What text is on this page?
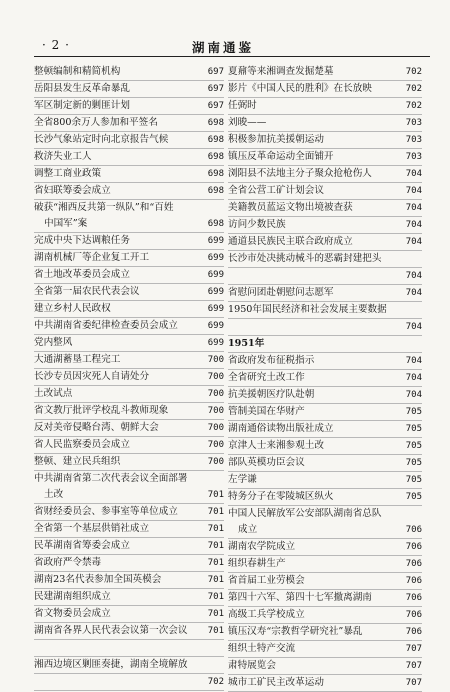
· 2 ·	湖南通鉴
整顿编制和精简机构	697
岳阳县发生反革命暴乱	697
军区制定新的剿匪计划	697
全省800余万人参加和平签名	698
长沙气象站定时向北京报告气候	698
救济失业工人	698
调整工商业政策	698
省妇联筹委会成立	698
破获“湘西反共第一纵队”和“百姓
中国军”案	698
完成中央下达调粮任务	699
湖南机械厂等企业复工开工	699
省土地改革委员会成立	699
全省第一届农民代表会议	699
建立乡村人民政权	699
中共湖南省委纪律检查委员会成立	699
党内整风	699
大通湖蓄垦工程完工	700
长沙专员因灾死人自请处分	700
土改试点	700
省文教厅批评学校乱斗教师现象	700
反对美帝侵略台湾、朝鲜大会	700
省人民监察委员会成立	700
整顿、建立民兵组织	700
中共湖南省第二次代表会议全面部署
土改	701
省财经委员会、参事室等单位成立	701
全省第一个基层供销社成立	701
民革湖南省筹委会成立	701
省政府严令禁毒	701
湖南23名代表参加全国英模会	701
民建湖南组织成立	701
省文物委员会成立	701
湖南省各界人民代表会议第一次会议	701
湘西边境区剿匪奏捷，湖南全境解放
702
夏鼐等来湘调查发掘楚墓	702
影片《中国人民的胜利》在长放映	702
任弼时	702
刘晙——	703
积极参加抗美援朝运动	703
镇压反革命运动全面铺开	703
浏阳县不法地主分子聚众抢枪伤人	704
全省公营工矿计划会议	704
美籍教员蓝运文物出境被查获	704
访问少数民族	704
通道县民族民主联合政府成立	704
长沙市处决挑动械斗的恶霸封建把头
704
省慰问团赴朝慰问志愿军	704
1950年国民经济和社会发展主要数据
704
1951年
省政府发布征税指示	704
全省研究土改工作	704
抗美援朝医疗队赴朝	704
管制美国在华财产	705
湖南通俗读物出版社成立	705
京津人士来湘参观土改	705
部队英模功臣会议	705
左学谦	705
特务分子在零陵城区纵火	705
中国人民解放军公安部队湖南省总队
成立	706
湖南农学院成立	706
组织春耕生产	706
省首届工业劳模会	706
第四十六军、第四十七军撤离湖南	706
高级工兵学校成立	706
镇压汉寿“宗教哲学研究社”暴乱	706
组织土特产交流	707
肃特展览会	707
城市工矿民主改革运动	707
